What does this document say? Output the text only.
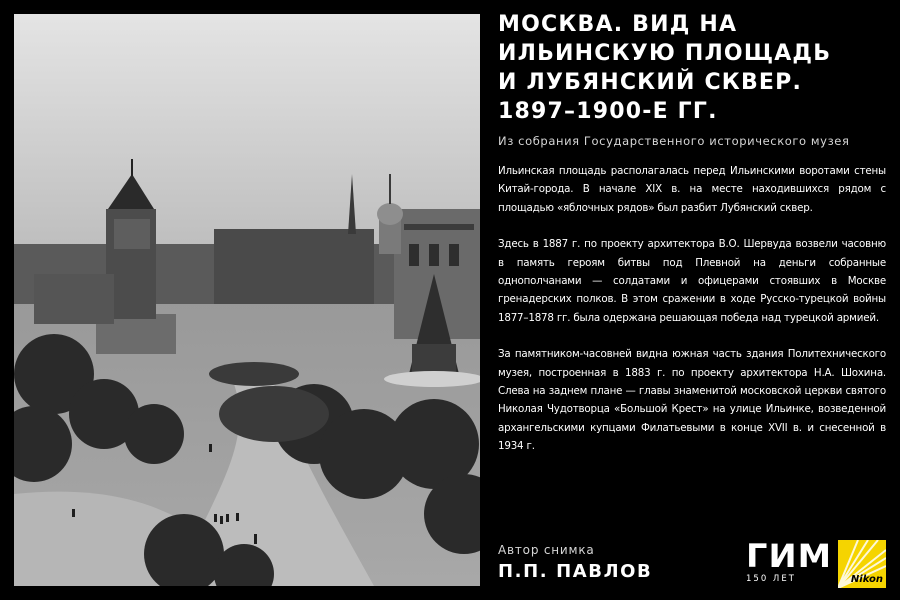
МОСКВА. ВИД НА
ИЛЬИНСКУЮ ПЛОЩАДЬ
И ЛУБЯНСКИЙ СКВЕР.
1897–1900-Е ГГ.
Из собрания Государственного исторического музея

Ильинская площадь располагалась перед Ильинскими воротами стены Китай-города. В начале XIX в. на месте находившихся рядом с площадью «яблочных рядов» был разбит Лубянский сквер.

Здесь в 1887 г. по проекту архитектора В.О. Шервуда возвели часовню в память героям битвы под Плевной на деньги собранные однополчанами — солдатами и офицерами стоявших в Москве гренадерских полков. В этом сражении в ходе Русско-турецкой войны 1877–1878 гг. была одержана решающая победа над турецкой армией.

За памятником-часовней видна южная часть здания Политехнического музея, построенная в 1883 г. по проекту архитектора Н.А. Шохина. Слева на заднем плане — главы знаменитой московской церкви святого Николая Чудотворца «Большой Крест» на улице Ильинке, возведенной архангельскими купцами Филатьевыми в конце XVII в. и снесенной в 1934 г.

Автор снимка
П.П. ПАВЛОВ	ГИМ
150 ЛЕТ	Nikon
